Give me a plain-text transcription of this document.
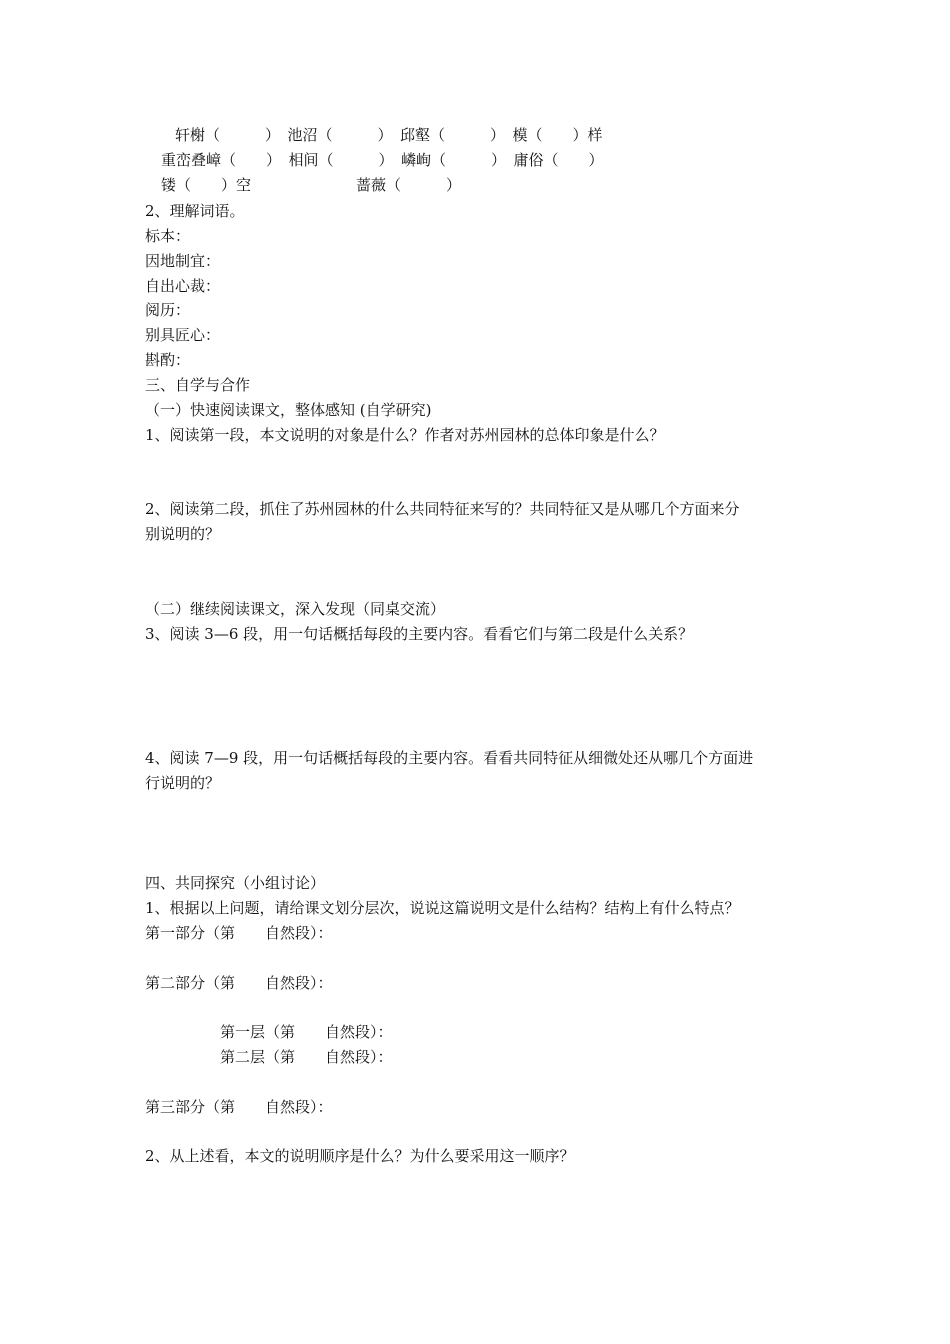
轩榭（　　　）　池沼（　　　）　邱壑（　　　）　模（　　）样
重峦叠嶂（　　）　相间（　　　）　嶙峋（　　　）　庸俗（　　）
镂（　　）空　　　　　　　蔷薇（　　　）
2、理解词语。
标本：
因地制宜：
自出心裁：
阅历：
别具匠心：
斟酌：
三、自学与合作
（一）快速阅读课文，整体感知 (自学研究)
1、阅读第一段，本文说明的对象是什么？作者对苏州园林的总体印象是什么？
2、阅读第二段，抓住了苏州园林的什么共同特征来写的？共同特征又是从哪几个方面来分
别说明的？
（二）继续阅读课文，深入发现（同桌交流）
3、阅读 3—6 段，用一句话概括每段的主要内容。看看它们与第二段是什么关系？
4、阅读 7—9 段，用一句话概括每段的主要内容。看看共同特征从细微处还从哪几个方面进
行说明的？
四、共同探究（小组讨论）
1、根据以上问题，请给课文划分层次，说说这篇说明文是什么结构？结构上有什么特点？
第一部分（第　　自然段）：
第二部分（第　　自然段）：
第一层（第　　自然段）：
第二层（第　　自然段）：
第三部分（第　　自然段）：
2、从上述看，本文的说明顺序是什么？为什么要采用这一顺序？
